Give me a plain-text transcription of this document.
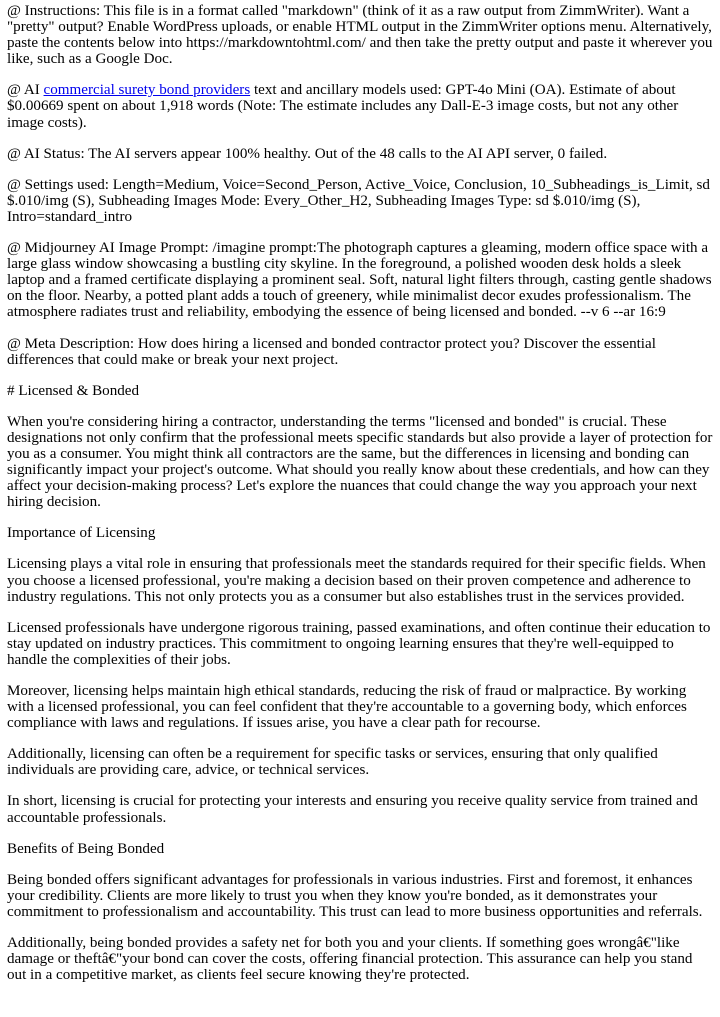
@ Instructions: This file is in a format called "markdown" (think of it as a raw output from ZimmWriter). Want a "pretty" output? Enable WordPress uploads, or enable HTML output in the ZimmWriter options menu. Alternatively, paste the contents below into https://markdowntohtml.com/ and then take the pretty output and paste it wherever you like, such as a Google Doc.

@ AI commercial surety bond providers text and ancillary models used: GPT-4o Mini (OA). Estimate of about $0.00669 spent on about 1,918 words (Note: The estimate includes any Dall-E-3 image costs, but not any other image costs).

@ AI Status: The AI servers appear 100% healthy. Out of the 48 calls to the AI API server, 0 failed.

@ Settings used: Length=Medium, Voice=Second_Person, Active_Voice, Conclusion, 10_Subheadings_is_Limit, sd $.010/img (S), Subheading Images Mode: Every_Other_H2, Subheading Images Type: sd $.010/img (S), Intro=standard_intro

@ Midjourney AI Image Prompt: /imagine prompt:The photograph captures a gleaming, modern office space with a large glass window showcasing a bustling city skyline. In the foreground, a polished wooden desk holds a sleek laptop and a framed certificate displaying a prominent seal. Soft, natural light filters through, casting gentle shadows on the floor. Nearby, a potted plant adds a touch of greenery, while minimalist decor exudes professionalism. The atmosphere radiates trust and reliability, embodying the essence of being licensed and bonded. --v 6 --ar 16:9

@ Meta Description: How does hiring a licensed and bonded contractor protect you? Discover the essential differences that could make or break your next project.

# Licensed & Bonded

When you're considering hiring a contractor, understanding the terms "licensed and bonded" is crucial. These designations not only confirm that the professional meets specific standards but also provide a layer of protection for you as a consumer. You might think all contractors are the same, but the differences in licensing and bonding can significantly impact your project's outcome. What should you really know about these credentials, and how can they affect your decision-making process? Let's explore the nuances that could change the way you approach your next hiring decision.

Importance of Licensing

Licensing plays a vital role in ensuring that professionals meet the standards required for their specific fields. When you choose a licensed professional, you're making a decision based on their proven competence and adherence to industry regulations. This not only protects you as a consumer but also establishes trust in the services provided.

Licensed professionals have undergone rigorous training, passed examinations, and often continue their education to stay updated on industry practices. This commitment to ongoing learning ensures that they're well-equipped to handle the complexities of their jobs.

Moreover, licensing helps maintain high ethical standards, reducing the risk of fraud or malpractice. By working with a licensed professional, you can feel confident that they're accountable to a governing body, which enforces compliance with laws and regulations. If issues arise, you have a clear path for recourse.

Additionally, licensing can often be a requirement for specific tasks or services, ensuring that only qualified individuals are providing care, advice, or technical services.

In short, licensing is crucial for protecting your interests and ensuring you receive quality service from trained and accountable professionals.

Benefits of Being Bonded

Being bonded offers significant advantages for professionals in various industries. First and foremost, it enhances your credibility. Clients are more likely to trust you when they know you're bonded, as it demonstrates your commitment to professionalism and accountability. This trust can lead to more business opportunities and referrals.

Additionally, being bonded provides a safety net for both you and your clients. If something goes wrongâ€"like damage or theftâ€"your bond can cover the costs, offering financial protection. This assurance can help you stand out in a competitive market, as clients feel secure knowing they're protected.
